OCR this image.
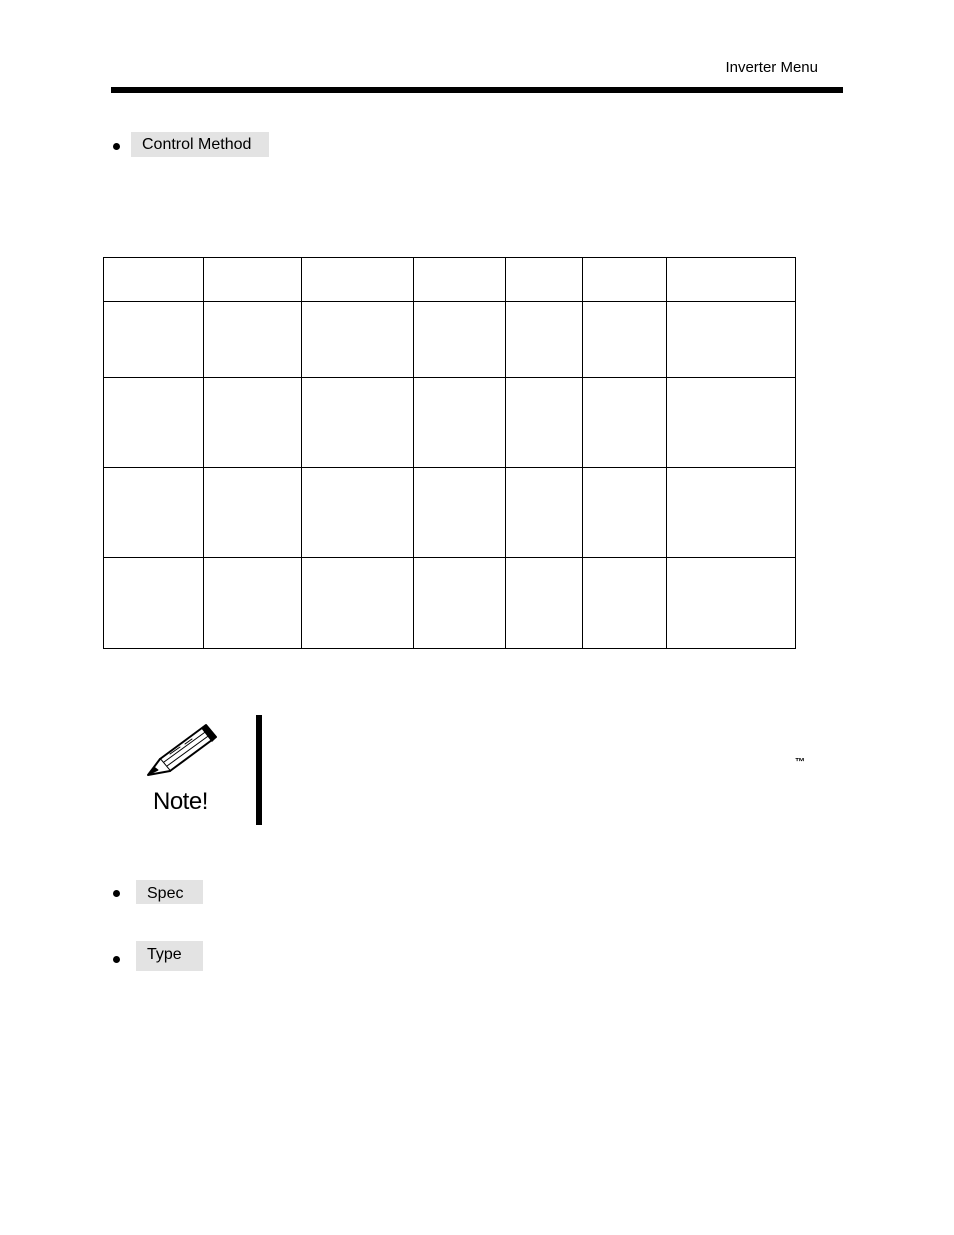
Inverter Menu
Control Method

Note!
™
Spec
Type
